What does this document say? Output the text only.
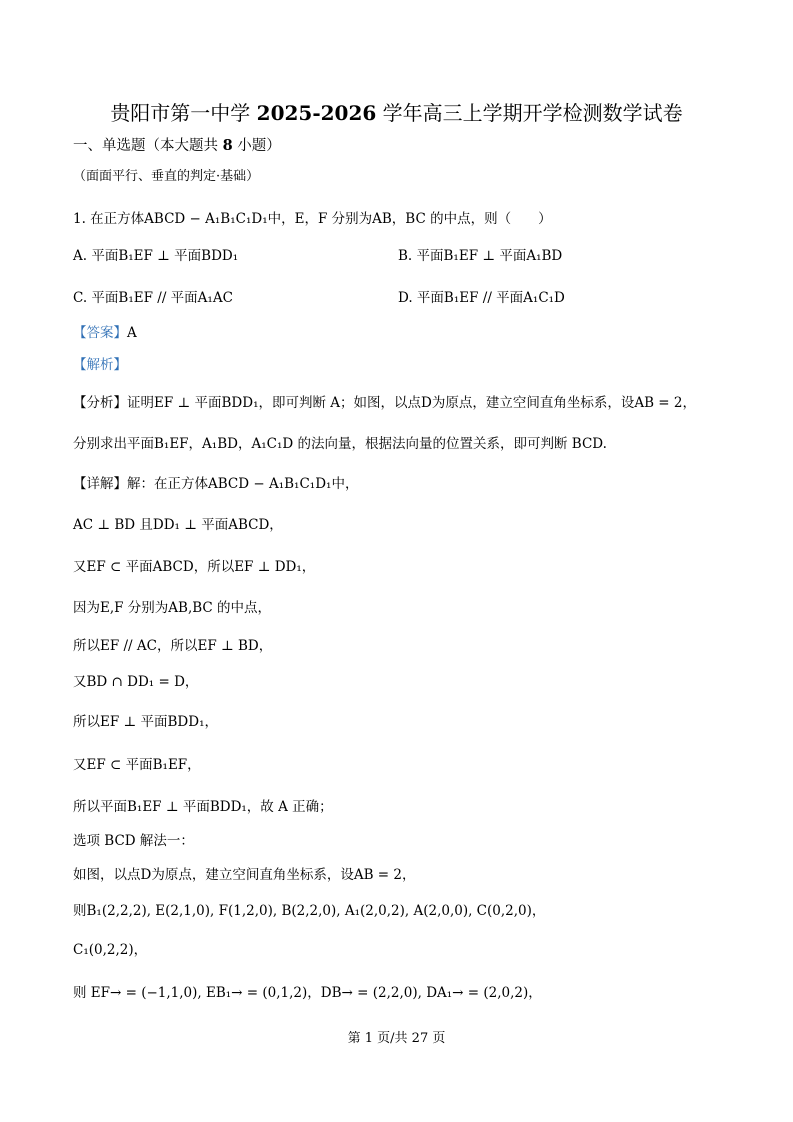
贵阳市第一中学 2025-2026 学年高三上学期开学检测数学试卷
一、单选题（本大题共 8 小题）
（面面平行、垂直的判定·基础）
1. 在正方体ABCD − A₁B₁C₁D₁中，E，F 分别为AB，BC 的中点，则（　　）
A. 平面B₁EF ⊥ 平面BDD₁	B. 平面B₁EF ⊥ 平面A₁BD
C. 平面B₁EF // 平面A₁AC	D. 平面B₁EF // 平面A₁C₁D
【答案】A
【解析】
【分析】证明EF ⊥ 平面BDD₁，即可判断 A；如图，以点D为原点，建立空间直角坐标系，设AB = 2，
分别求出平面B₁EF，A₁BD，A₁C₁D 的法向量，根据法向量的位置关系，即可判断 BCD.
【详解】解：在正方体ABCD − A₁B₁C₁D₁中，
AC ⊥ BD 且DD₁ ⊥ 平面ABCD，
又EF ⊂ 平面ABCD，所以EF ⊥ DD₁，
因为E,F 分别为AB,BC 的中点，
所以EF // AC，所以EF ⊥ BD，
又BD ∩ DD₁ = D，
所以EF ⊥ 平面BDD₁，
又EF ⊂ 平面B₁EF，
所以平面B₁EF ⊥ 平面BDD₁，故 A 正确；
选项 BCD 解法一：
如图，以点D为原点，建立空间直角坐标系，设AB = 2，
则B₁(2,2,2), E(2,1,0), F(1,2,0), B(2,2,0), A₁(2,0,2), A(2,0,0), C(0,2,0)，
C₁(0,2,2)，
则 EF→ = (−1,1,0), EB₁→ = (0,1,2)，DB→ = (2,2,0), DA₁→ = (2,0,2)，
第 1 页/共 27 页
